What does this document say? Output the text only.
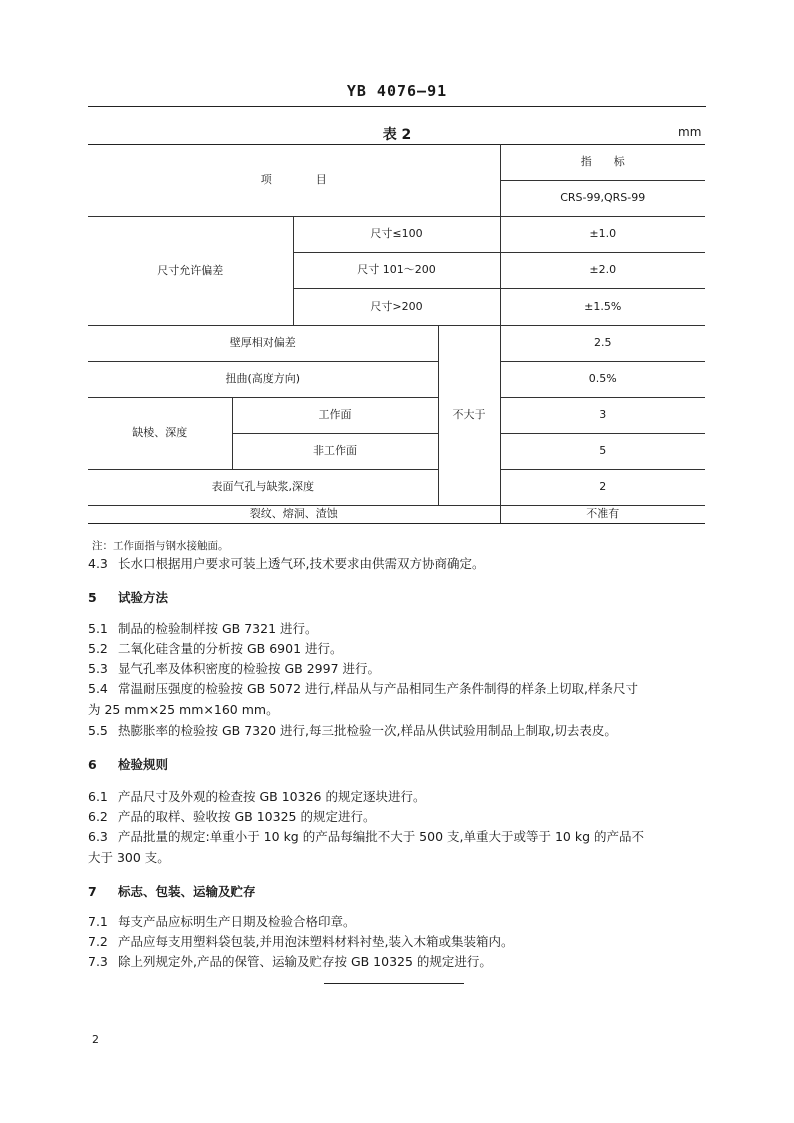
YB 4076—91
表 2	mm
项　　　　目				指　　标
				CRS-99,QRS-99
尺寸允许偏差		尺寸≤100		±1.0
		尺寸 101～200		±2.0
		尺寸>200		±1.5%
壁厚相对偏差			不大于	2.5
扭曲(高度方向)				0.5%
缺棱、深度	工作面			3
	非工作面			5
表面气孔与缺浆,深度				2
裂纹、熔洞、渣蚀				不准有
注：工作面指与钢水接触面。
4.3 长水口根据用户要求可装上透气环,技术要求由供需双方协商确定。
5 试验方法
5.1 制品的检验制样按 GB 7321 进行。
5.2 二氧化硅含量的分析按 GB 6901 进行。
5.3 显气孔率及体积密度的检验按 GB 2997 进行。
5.4 常温耐压强度的检验按 GB 5072 进行,样品从与产品相同生产条件制得的样条上切取,样条尺寸
为 25 mm×25 mm×160 mm。
5.5 热膨胀率的检验按 GB 7320 进行,每三批检验一次,样品从供试验用制品上制取,切去表皮。
6 检验规则
6.1 产品尺寸及外观的检查按 GB 10326 的规定逐块进行。
6.2 产品的取样、验收按 GB 10325 的规定进行。
6.3 产品批量的规定:单重小于 10 kg 的产品每编批不大于 500 支,单重大于或等于 10 kg 的产品不
大于 300 支。
7 标志、包装、运输及贮存
7.1 每支产品应标明生产日期及检验合格印章。
7.2 产品应每支用塑料袋包装,并用泡沫塑料材料衬垫,装入木箱或集装箱内。
7.3 除上列规定外,产品的保管、运输及贮存按 GB 10325 的规定进行。
2
